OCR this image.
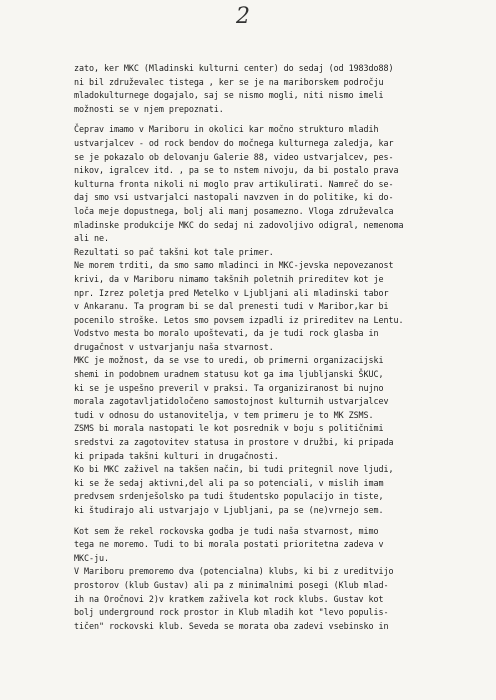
2
zato, ker MKC (Mladinski kulturni center) do sedaj (od 1983do88)
ni bil združevalec tistega , ker se je na mariborskem področju
mladokulturnege dogajalo, saj se nismo mogli, niti nismo imeli
možnosti se v njem prepoznati.
Čeprav imamo v Mariboru in okolici kar močno strukturo mladih
ustvarjalcev - od rock bendov do močnega kulturnega zaledja, kar
se je pokazalo ob delovanju Galerie 88, video ustvarjalcev, pes-
nikov, igralcev itd. , pa se to nstem nivoju, da bi postalo prava
kulturna fronta nikoli ni moglo prav artikulirati. Namreč do se-
daj smo vsi ustvarjalci nastopali navzven in do politike, ki do-
loča meje dopustnega, bolj ali manj posamezno. Vloga združevalca
mladinske produkcije MKC do sedaj ni zadovoljivo odigral, nemenoma
ali ne.
Rezultati so pač takšni kot tale primer.
Ne morem trditi, da smo samo mladinci in MKC-jevska nepovezanost
krivi, da v Mariboru nimamo takšnih poletnih prireditev kot je
npr. Izrez poletja pred Metelko v Ljubljani ali mladinski tabor
v Ankaranu. Ta program bi se dal prenesti tudi v Maribor,kar bi
pocenilo stroške. Letos smo povsem izpadli iz prireditev na Lentu.
Vodstvo mesta bo moralo upoštevati, da je tudi rock glasba in
drugačnost v ustvarjanju naša stvarnost.
MKC je možnost, da se vse to uredi, ob primerni organizacijski
shemi in podobnem uradnem statusu kot ga ima ljubljanski ŠKUC,
ki se je uspešno preveril v praksi. Ta organiziranost bi nujno
morala zagotavljatidoločeno samostojnost kulturnih ustvarjalcev
tudi v odnosu do ustanovitelja, v tem primeru je to MK ZSMS.
ZSMS bi morala nastopati le kot posrednik v boju s političnimi
sredstvi za zagotovitev statusa in prostore v družbi, ki pripada
ki pripada takšni kulturi in drugačnosti.
Ko bi MKC zaživel na takšen način, bi tudi pritegnil nove ljudi,
ki se že sedaj aktivni,del ali pa so potenciali, v mislih imam
predvsem srdenješolsko pa tudi študentsko populacijo in tiste,
ki študirajo ali ustvarjajo v Ljubljani, pa se (ne)vrnejo sem.
Kot sem že rekel rockovska godba je tudi naša stvarnost, mimo
tega ne moremo. Tudi to bi morala postati prioritetna zadeva v
MKC-ju.
V Mariboru premoremo dva (potencialna) klubs, ki bi z ureditvijo
prostorov (klub Gustav) ali pa z minimalnimi posegi (Klub mlad-
ih na Oročnovi 2)v kratkem zaživela kot rock klubs. Gustav kot
bolj underground rock prostor in Klub mladih kot "levo populis-
tičen" rockovski klub. Seveda se morata oba zadevi vsebinsko in
